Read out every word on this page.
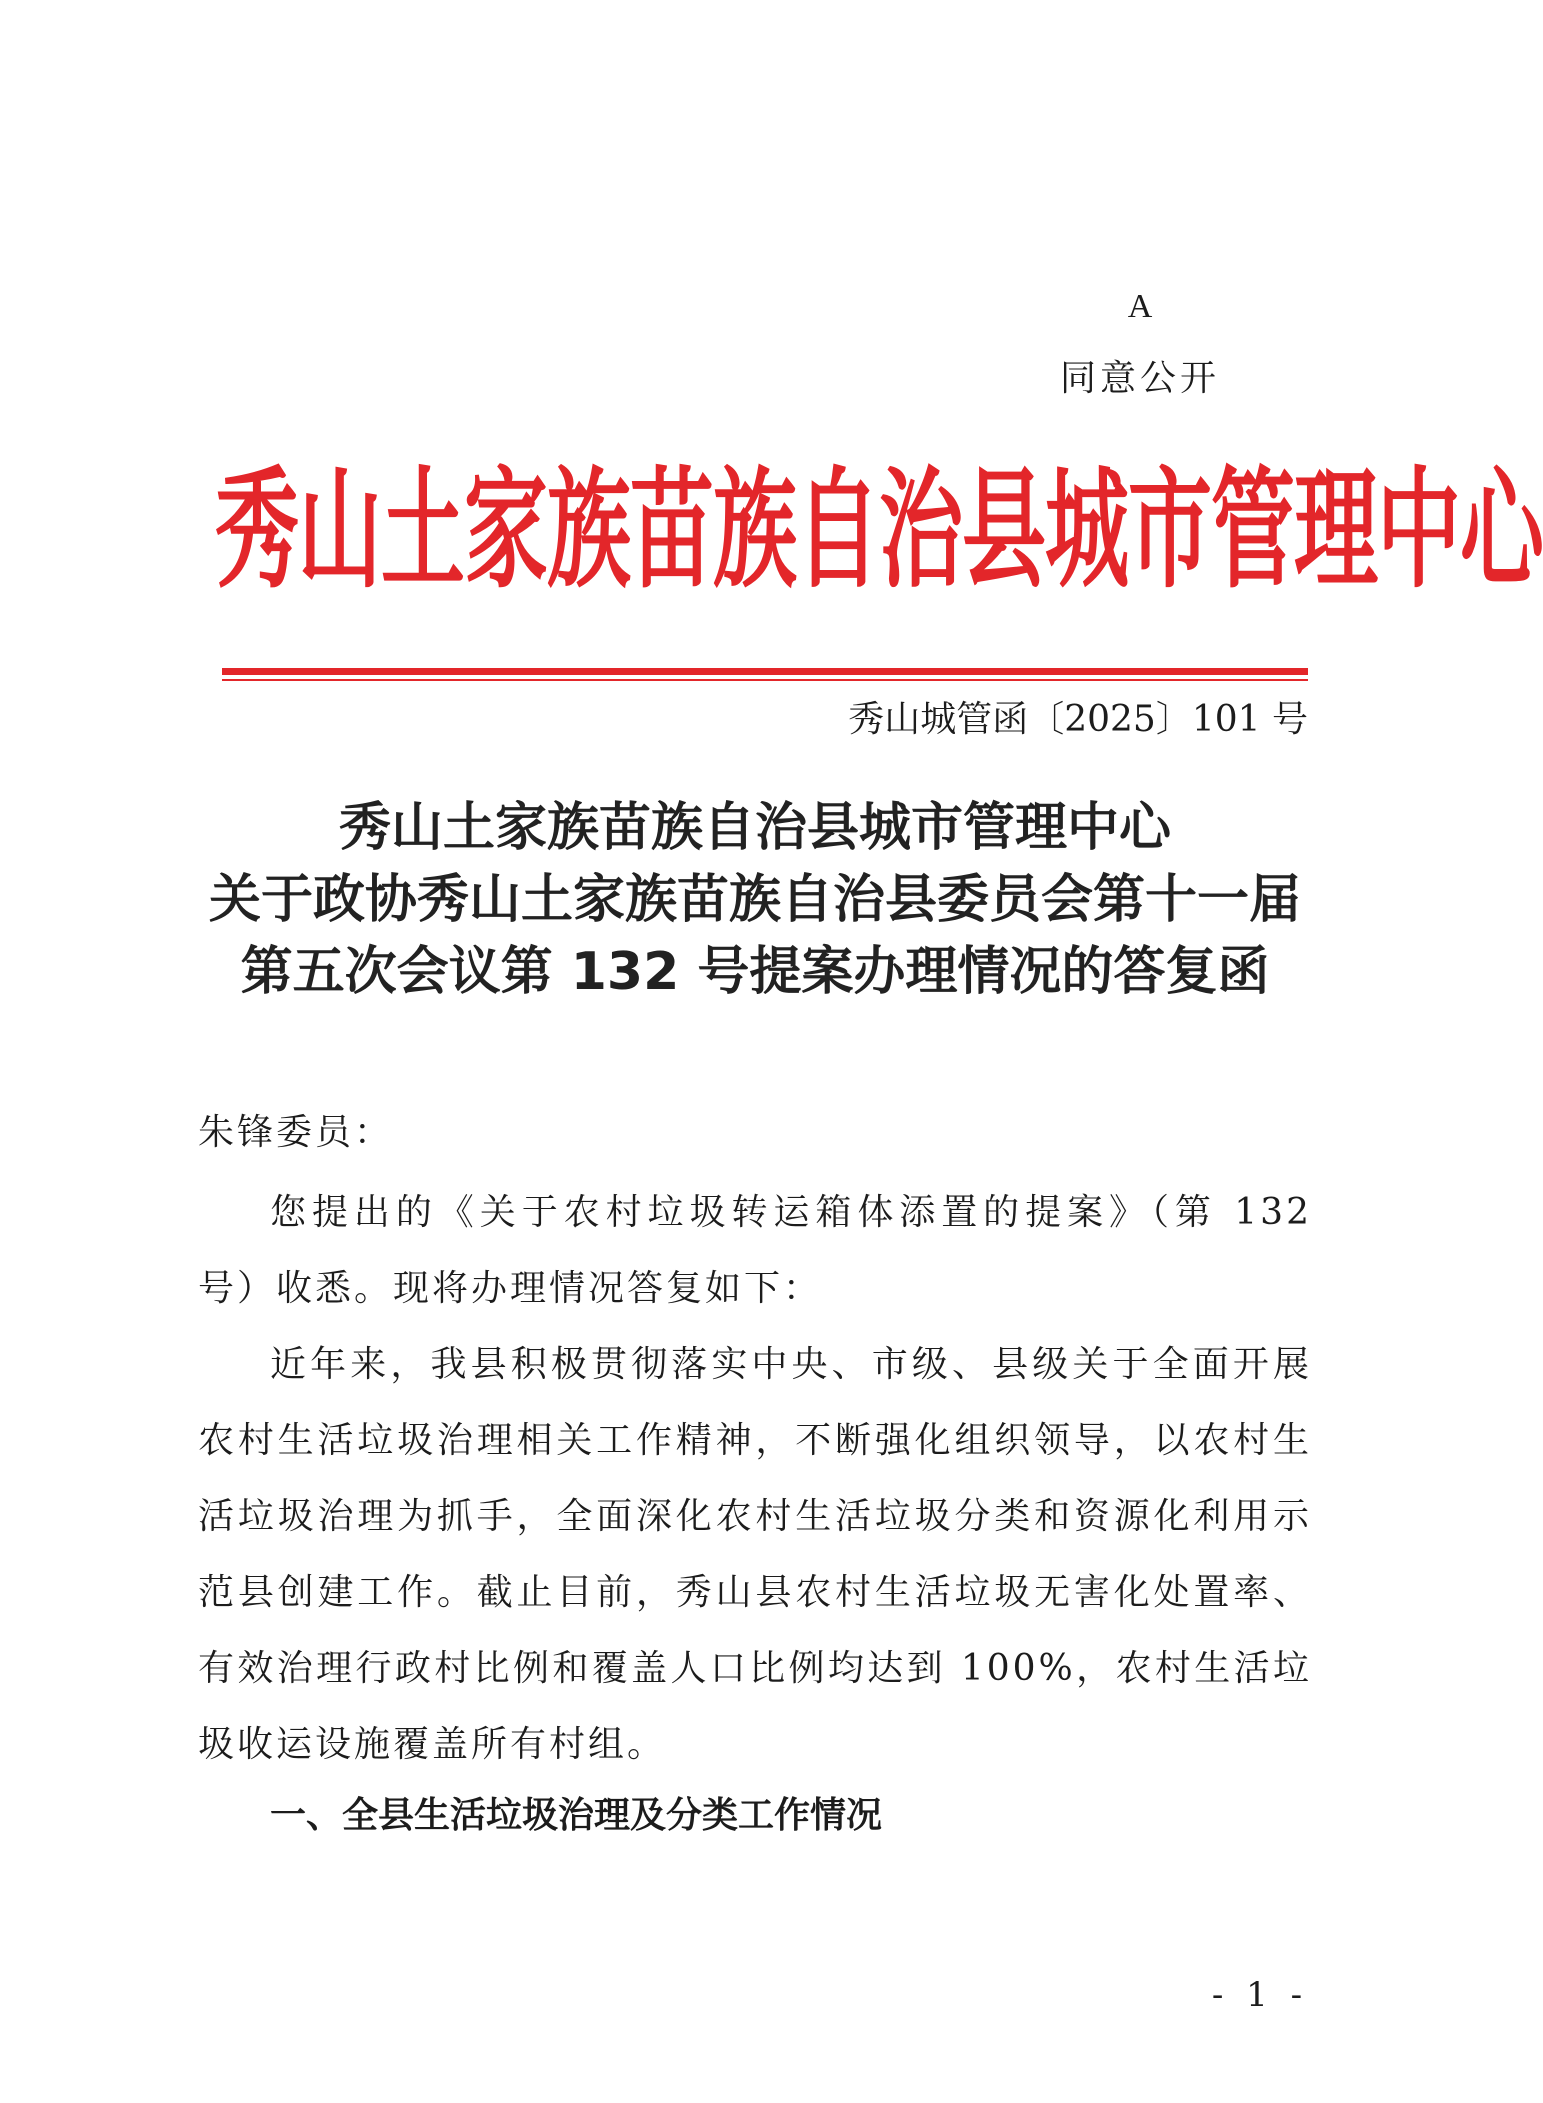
A
同意公开
秀山土家族苗族自治县城市管理中心
秀山城管函〔2025〕101 号
秀山土家族苗族自治县城市管理中心
关于政协秀山土家族苗族自治县委员会第十一届
第五次会议第 132 号提案办理情况的答复函
朱锋委员：

您提出的《关于农村垃圾转运箱体添置的提案》（第 132 号）收悉。现将办理情况答复如下：

近年来，我县积极贯彻落实中央、市级、县级关于全面开展农村生活垃圾治理相关工作精神，不断强化组织领导，以农村生活垃圾治理为抓手，全面深化农村生活垃圾分类和资源化利用示范县创建工作。截止目前，秀山县农村生活垃圾无害化处置率、有效治理行政村比例和覆盖人口比例均达到 100%，农村生活垃圾收运设施覆盖所有村组。

一、全县生活垃圾治理及分类工作情况
- 1 -
